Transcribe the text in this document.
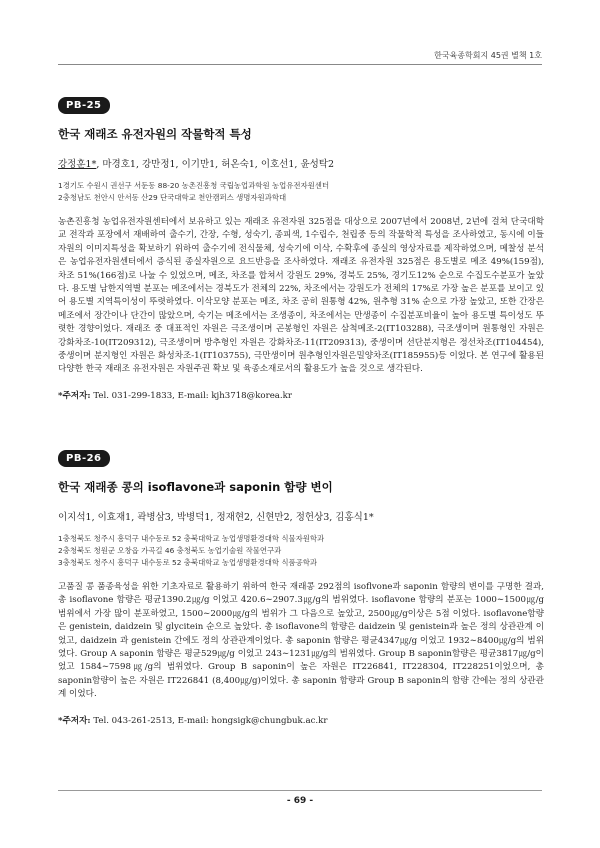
한국육종학회지 45권 별책 1호
PB-25
한국 재래조 유전자원의 작물학적 특성
강정훈1*, 마경호1, 강만정1, 이기만1, 허온숙1, 이호선1, 윤성탁2
1경기도 수원시 권선구 서둔동 88-20 농촌진흥청 국립농업과학원 농업유전자원센터
2충청남도 천안시 안서동 산29 단국대학교 천안캠퍼스 생명자원과학대
농촌진흥청 농업유전자원센터에서 보유하고 있는 재래조 유전자원 325점을 대상으로 2007년에서 2008년, 2년에 걸쳐 단국대학교 전작과 포장에서 재배하여 출수기, 간장, 수형, 성숙기, 종피색, 1수립수, 천립중 등의 작물학적 특성을 조사하였고, 동시에 이들 자원의 이미지특성을 확보하기 위하여 출수기에 전식물체, 성숙기에 이삭, 수확후에 종실의 영상자료를 제작하였으며, 메찰성 분석은 농업유전자원센터에서 증식된 종실자원으로 요드반응을 조사하였다. 재래조 유전자원 325점은 용도별로 메조 49%(159점), 차조 51%(166점)로 나눌 수 있었으며, 메조, 차조를 합쳐서 강원도 29%, 경북도 25%, 경기도12% 순으로 수집도수분포가 높았다. 용도별 남한지역별 분포는 메조에서는 경북도가 전체의 22%, 차조에서는 강원도가 전체의 17%로 가장 높은 분포를 보이고 있어 용도별 지역특이성이 뚜렷하였다. 이삭모양 분포는 메조, 차조 공히 원통형 42%, 원추형 31% 순으로 가장 높았고, 또한 간장은 메조에서 장간이나 단간이 많았으며, 숙기는 메조에서는 조생종이, 차조에서는 만생종이 수집분포비율이 높아 용도별 특이성도 뚜렷한 경향이었다. 재래조 중 대표적인 자원은 극조생이며 곤봉형인 자원은 삼척메조-2(IT103288), 극조생이며 원통형인 자원은 강화차조-10(IT209312), 극조생이며 방추형인 자원은 강화차조-11(IT209313), 중생이며 선단분지형은 정선차조(IT104454), 중생이며 분지형인 자원은 화성차조-1(IT103755), 극만생이며 원추형인자원은밀양차조(IT185955)등 이었다. 본 연구에 활용된 다양한 한국 재래조 유전자원은 자원주권 확보 및 육종소재로서의 활용도가 높을 것으로 생각된다.
*주저자: Tel. 031-299-1833, E-mail: kjh3718@korea.kr
PB-26
한국 재래종 콩의 isoflavone과 saponin 함량 변이
이지석1, 이효재1, 곽병삼3, 박병덕1, 정재현2, 신현만2, 정헌상3, 김홍식1*
1충청북도 청주시 흥덕구 내수동로 52 충북대학교 농업생명환경대학 식물자원학과
2충청북도 청원군 오창읍 가곡길 46 충청북도 농업기술원 작물연구과
3충청북도 청주시 흥덕구 내수동로 52 충북대학교 농업생명환경대학 식품공학과
고품질 콩 품종육성을 위한 기초자료로 활용하기 위하여 한국 재래콩 292점의 isoflvone과 saponin 함량의 변이를 구명한 결과, 총 isoflavone 함량은 평균1390.2㎍/g 이었고 420.6∼2907.3㎍/g의 범위였다. isoflavone 함량의 분포는 1000∼1500㎍/g 범위에서 가장 많이 분포하였고, 1500∼2000㎍/g의 범위가 그 다음으로 높았고, 2500㎍/g이상은 5점 이었다. isoflavone함량은 genistein, daidzein 및 glycitein 순으로 높았다. 총 isoflavone의 함량은 daidzein 및 genistein과 높은 정의 상관관계 이었고, daidzein 과 genistein 간에도 정의 상관관계이었다. 총 saponin 함량은 평균4347㎍/g 이었고 1932∼8400㎍/g의 범위였다. Group A saponin 함량은 평균529㎍/g 이었고 243∼1231㎍/g의 범위였다. Group B saponin함량은 평균3817㎍/g이었고 1584∼7598㎍/g의 범위였다. Group B saponin이 높은 자원은 IT226841, IT228304, IT228251이었으며, 총 saponin함량이 높은 자원은 IT226841 (8,400㎍/g)이었다. 총 saponin 함량과 Group B saponin의 함량 간에는 정의 상관관계 이었다.
*주저자: Tel. 043-261-2513, E-mail: hongsigk@chungbuk.ac.kr
- 69 -
